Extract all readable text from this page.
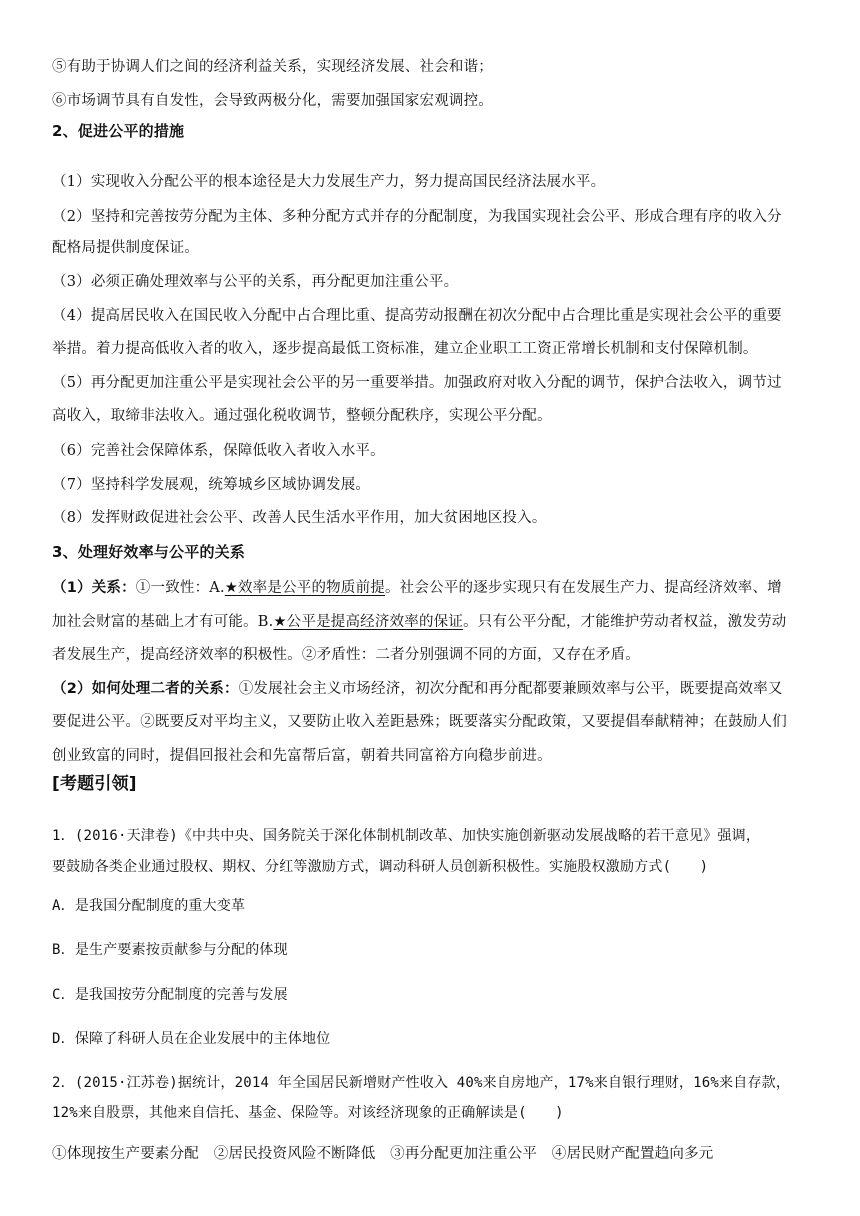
⑤有助于协调人们之间的经济利益关系，实现经济发展、社会和谐；
⑥市场调节具有自发性，会导致两极分化，需要加强国家宏观调控。
2、促进公平的措施
（1）实现收入分配公平的根本途径是大力发展生产力，努力提高国民经济法展水平。
（2）坚持和完善按劳分配为主体、多种分配方式并存的分配制度，为我国实现社会公平、形成合理有序的收入分
配格局提供制度保证。
（3）必须正确处理效率与公平的关系，再分配更加注重公平。
（4）提高居民收入在国民收入分配中占合理比重、提高劳动报酬在初次分配中占合理比重是实现社会公平的重要
举措。着力提高低收入者的收入，逐步提高最低工资标准，建立企业职工工资正常增长机制和支付保障机制。
（5）再分配更加注重公平是实现社会公平的另一重要举措。加强政府对收入分配的调节，保护合法收入，调节过
高收入，取缔非法收入。通过强化税收调节，整顿分配秩序，实现公平分配。
（6）完善社会保障体系，保障低收入者收入水平。
（7）坚持科学发展观，统筹城乡区域协调发展。
（8）发挥财政促进社会公平、改善人民生活水平作用，加大贫困地区投入。
3、处理好效率与公平的关系
（1）关系：①一致性：A.★效率是公平的物质前提。社会公平的逐步实现只有在发展生产力、提高经济效率、增
加社会财富的基础上才有可能。B.★公平是提高经济效率的保证。只有公平分配，才能维护劳动者权益，激发劳动
者发展生产，提高经济效率的积极性。②矛盾性：二者分别强调不同的方面，又存在矛盾。
（2）如何处理二者的关系：①发展社会主义市场经济，初次分配和再分配都要兼顾效率与公平，既要提高效率又
要促进公平。②既要反对平均主义，又要防止收入差距悬殊；既要落实分配政策，又要提倡奉献精神；在鼓励人们
创业致富的同时，提倡回报社会和先富帮后富，朝着共同富裕方向稳步前进。
[考题引领]
1．(2016·天津卷)《中共中央、国务院关于深化体制机制改革、加快实施创新驱动发展战略的若干意见》强调，
要鼓励各类企业通过股权、期权、分红等激励方式，调动科研人员创新积极性。实施股权激励方式(　　)
A．是我国分配制度的重大变革
B．是生产要素按贡献参与分配的体现
C．是我国按劳分配制度的完善与发展
D．保障了科研人员在企业发展中的主体地位
2．(2015·江苏卷)据统计，2014 年全国居民新增财产性收入 40%来自房地产，17%来自银行理财，16%来自存款，
12%来自股票，其他来自信托、基金、保险等。对该经济现象的正确解读是(　　)
①体现按生产要素分配　②居民投资风险不断降低　③再分配更加注重公平　④居民财产配置趋向多元
